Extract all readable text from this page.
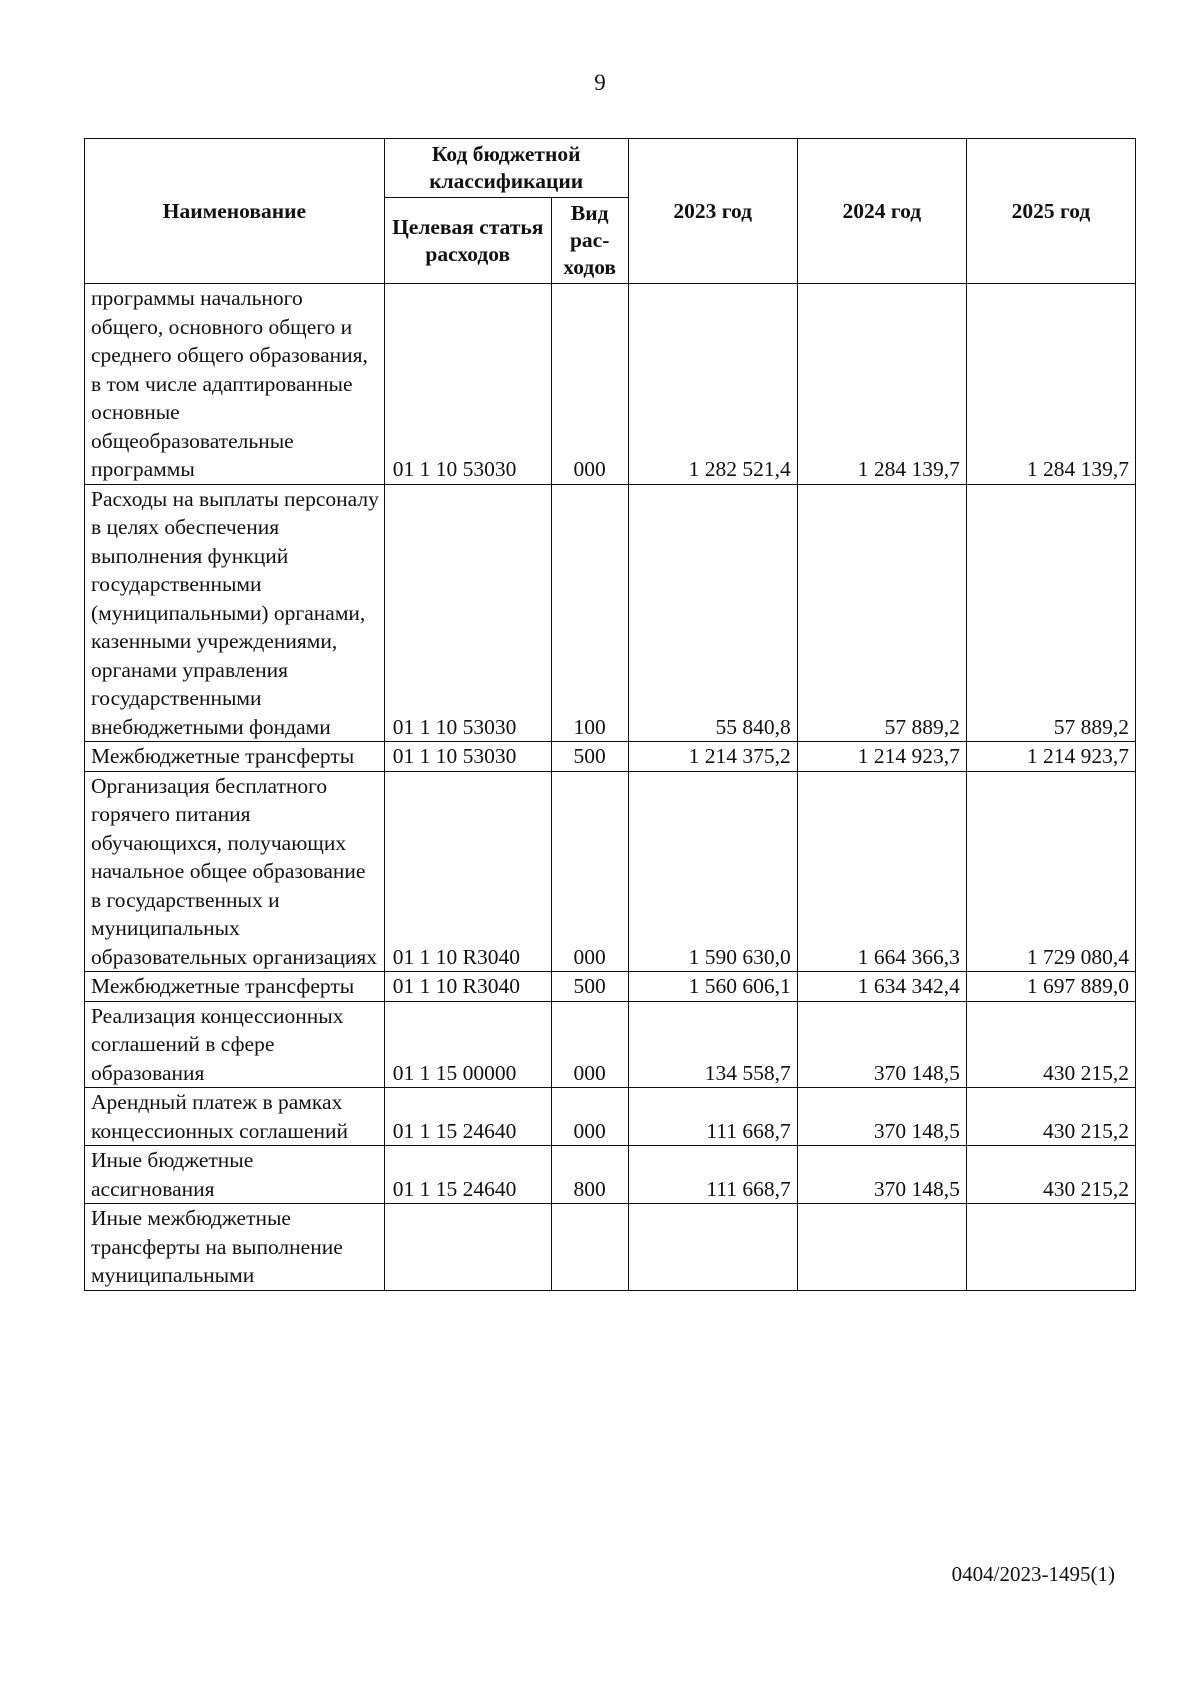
9
Наименование	Код бюджетной классификации		2023 год	2024 год	2025 год
	Целевая статья расходов	Вид рас-ходов			
программы начального общего, основного общего и среднего общего образования, в том числе адаптированные основные общеобразовательные программы	01 1 10 53030	000	1 282 521,4	1 284 139,7	1 284 139,7
Расходы на выплаты персоналу в целях обеспечения выполнения функций государственными (муниципальными) органами, казенными учреждениями, органами управления государственными внебюджетными фондами	01 1 10 53030	100	55 840,8	57 889,2	57 889,2
Межбюджетные трансферты	01 1 10 53030	500	1 214 375,2	1 214 923,7	1 214 923,7
Организация бесплатного горячего питания обучающихся, получающих начальное общее образование в государственных и муниципальных образовательных организациях	01 1 10 R3040	000	1 590 630,0	1 664 366,3	1 729 080,4
Межбюджетные трансферты	01 1 10 R3040	500	1 560 606,1	1 634 342,4	1 697 889,0
Реализация концессионных соглашений в сфере образования	01 1 15 00000	000	134 558,7	370 148,5	430 215,2
Арендный платеж в рамках концессионных соглашений	01 1 15 24640	000	111 668,7	370 148,5	430 215,2
Иные бюджетные ассигнования	01 1 15 24640	800	111 668,7	370 148,5	430 215,2
Иные межбюджетные трансферты на выполнение муниципальными					
0404/2023-1495(1)
